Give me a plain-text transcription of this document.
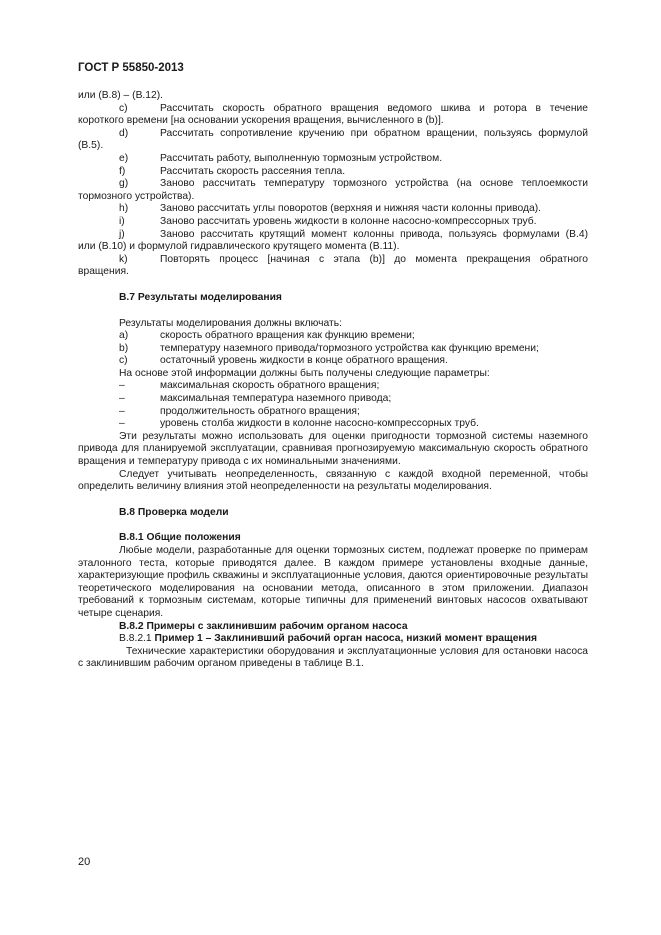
ГОСТ Р 55850-2013

или (В.8) – (В.12).

c)	Рассчитать скорость обратного вращения ведомого шкива и ротора в течение

короткого времени [на основании ускорения вращения, вычисленного в (b)].

d)	Рассчитать сопротивление кручению при обратном вращении, пользуясь формулой

(В.5).

e)	Рассчитать работу, выполненную тормозным устройством.
f)	Рассчитать скорость рассеяния тепла.
g)	Заново рассчитать температуру тормозного устройства (на основе теплоемкости

тормозного устройства).

h)	Заново рассчитать углы поворотов (верхняя и нижняя части колонны привода).
i)	Заново рассчитать уровень жидкости в колонне насосно-компрессорных труб.
j)	Заново рассчитать крутящий момент колонны привода, пользуясь формулами (В.4)

или (В.10) и формулой гидравлического крутящего момента (В.11).

k)	Повторять процесс [начиная с этапа (b)] до момента прекращения обратного

вращения.

В.7 Результаты моделирования

Результаты моделирования должны включать:

a)	скорость обратного вращения как функцию времени;
b)	температуру наземного привода/тормозного устройства как функцию времени;
c)	остаточный уровень жидкости в конце обратного вращения.

На основе этой информации должны быть получены следующие параметры:

–	максимальная скорость обратного вращения;
–	максимальная температура наземного привода;
–	продолжительность обратного вращения;
–	уровень столба жидкости в колонне насосно-компрессорных труб.

Эти результаты можно использовать для оценки пригодности тормозной системы наземного привода для планируемой эксплуатации, сравнивая прогнозируемую максимальную скорость обратного вращения и температуру привода с их номинальными значениями.

Следует учитывать неопределенность, связанную с каждой входной переменной, чтобы определить величину влияния этой неопределенности на результаты моделирования.

В.8 Проверка модели

В.8.1 Общие положения

Любые модели, разработанные для оценки тормозных систем, подлежат проверке по примерам эталонного теста, которые приводятся далее. В каждом примере установлены входные данные, характеризующие профиль скважины и эксплуатационные условия, даются ориентировочные результаты теоретического моделирования на основании метода, описанного в этом приложении. Диапазон требований к тормозным системам, которые типичны для применений винтовых насосов охватывают четыре сценария.

В.8.2 Примеры с заклинившим рабочим органом насоса

В.8.2.1 Пример 1 – Заклинивший рабочий орган насоса, низкий момент вращения

Технические характеристики оборудования и эксплуатационные условия для остановки насоса с заклинившим рабочим органом приведены в таблице В.1.

20
